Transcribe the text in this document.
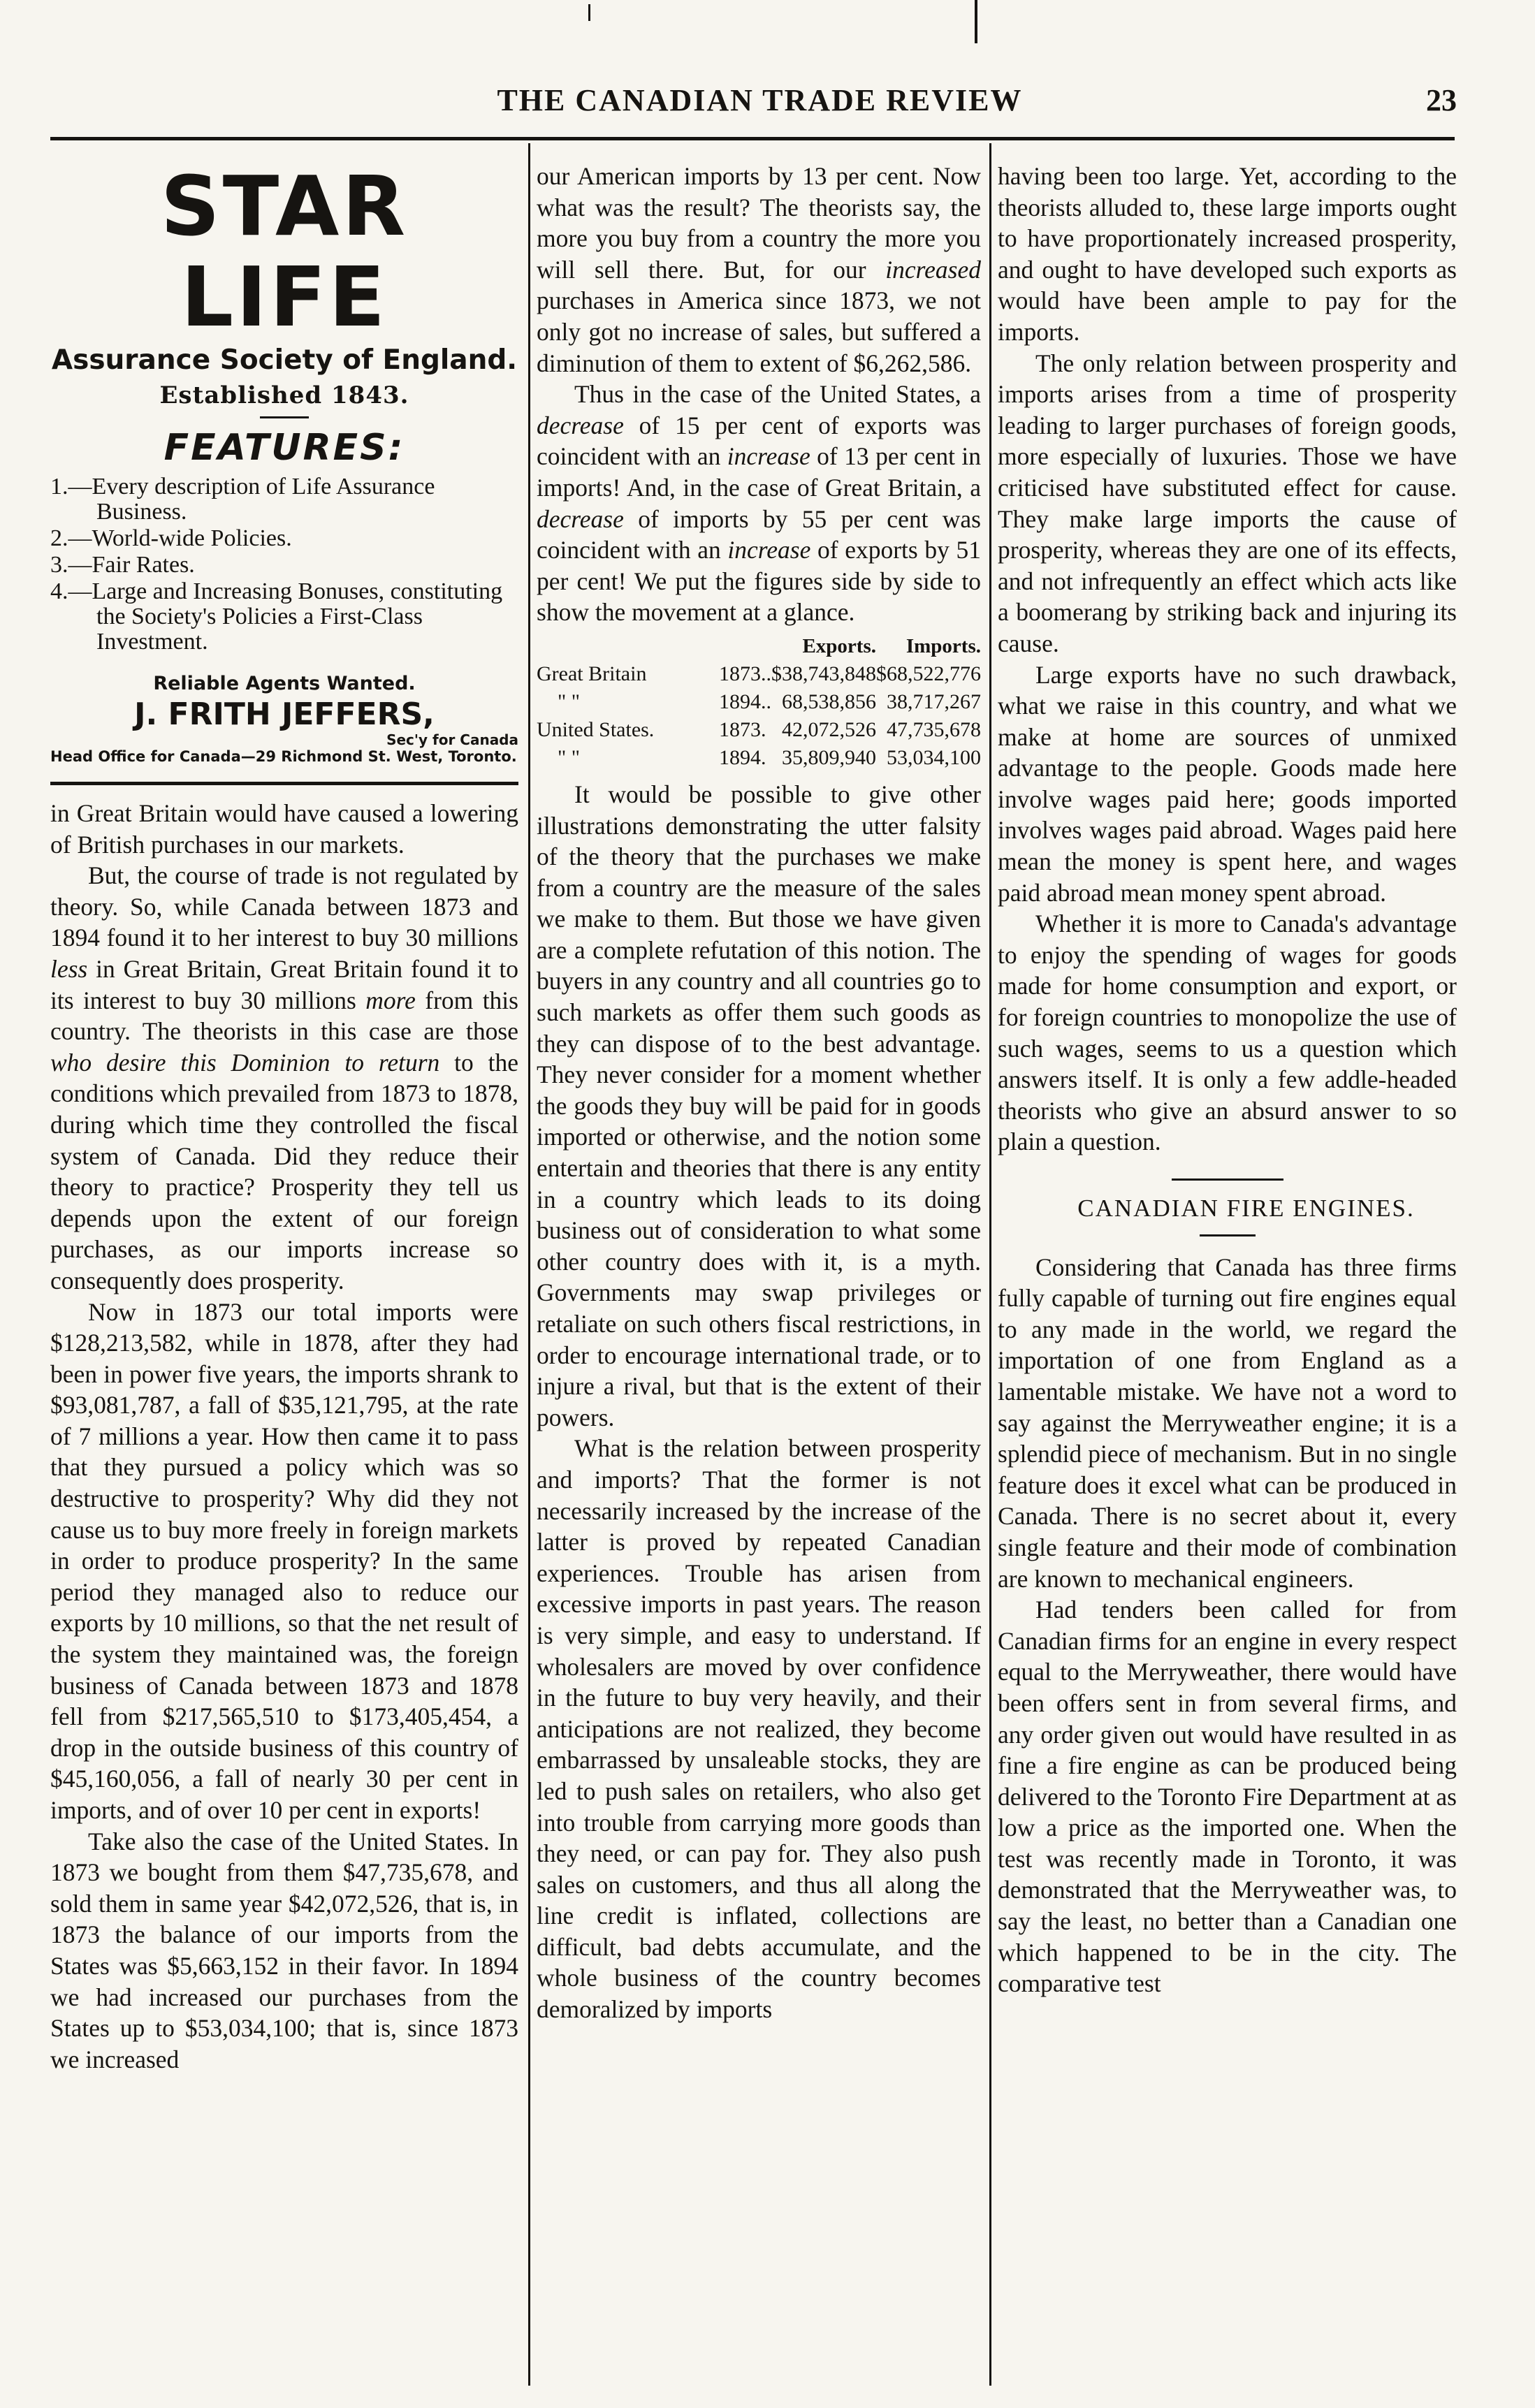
THE CANADIAN TRADE REVIEW	23
STAR LIFE
Assurance Society of England.
Established 1843.
FEATURES:
1.—Every description of Life Assurance Business.
2.—World-wide Policies.
3.—Fair Rates.
4.—Large and Increasing Bonuses, constituting the Society's Policies a First-Class Investment.
Reliable Agents Wanted.
J. FRITH JEFFERS,
Sec'y for Canada
Head Office for Canada—29 Richmond St. West, Toronto.

in Great Britain would have caused a lowering of British purchases in our markets.

But, the course of trade is not regulated by theory. So, while Canada between 1873 and 1894 found it to her interest to buy 30 millions less in Great Britain, Great Britain found it to its interest to buy 30 millions more from this country. The theorists in this case are those who desire this Dominion to return to the conditions which prevailed from 1873 to 1878, during which time they controlled the fiscal system of Canada. Did they reduce their theory to practice? Prosperity they tell us depends upon the extent of our foreign purchases, as our imports increase so consequently does prosperity.

Now in 1873 our total imports were $128,213,582, while in 1878, after they had been in power five years, the imports shrank to $93,081,787, a fall of $35,121,795, at the rate of 7 millions a year. How then came it to pass that they pursued a policy which was so destructive to prosperity? Why did they not cause us to buy more freely in foreign markets in order to produce prosperity? In the same period they managed also to reduce our exports by 10 millions, so that the net result of the system they maintained was, the foreign business of Canada between 1873 and 1878 fell from $217,565,510 to $173,405,454, a drop in the outside business of this country of $45,160,056, a fall of nearly 30 per cent in imports, and of over 10 per cent in exports!

Take also the case of the United States. In 1873 we bought from them $47,735,678, and sold them in same year $42,072,526, that is, in 1873 the balance of our imports from the States was $5,663,152 in their favor. In 1894 we had increased our purchases from the States up to $53,034,100; that is, since 1873 we increased

our American imports by 13 per cent. Now what was the result? The theorists say, the more you buy from a country the more you will sell there. But, for our increased purchases in America since 1873, we not only got no increase of sales, but suffered a diminution of them to extent of $6,262,586.

Thus in the case of the United States, a decrease of 15 per cent of exports was coincident with an increase of 13 per cent in imports! And, in the case of Great Britain, a decrease of imports by 55 per cent was coincident with an increase of exports by 51 per cent! We put the figures side by side to show the movement at a glance.

		Exports.	Imports.
Great Britain	1873..	$38,743,848	$68,522,776
" "	1894..	68,538,856	38,717,267
United States.	1873.	42,072,526	47,735,678
" "	1894.	35,809,940	53,034,100

It would be possible to give other illustrations demonstrating the utter falsity of the theory that the purchases we make from a country are the measure of the sales we make to them. But those we have given are a complete refutation of this notion. The buyers in any country and all countries go to such markets as offer them such goods as they can dispose of to the best advantage. They never consider for a moment whether the goods they buy will be paid for in goods imported or otherwise, and the notion some entertain and theories that there is any entity in a country which leads to its doing business out of consideration to what some other country does with it, is a myth. Governments may swap privileges or retaliate on such others fiscal restrictions, in order to encourage international trade, or to injure a rival, but that is the extent of their powers.

What is the relation between prosperity and imports? That the former is not necessarily increased by the increase of the latter is proved by repeated Canadian experiences. Trouble has arisen from excessive imports in past years. The reason is very simple, and easy to understand. If wholesalers are moved by over confidence in the future to buy very heavily, and their anticipations are not realized, they become embarrassed by unsaleable stocks, they are led to push sales on retailers, who also get into trouble from carrying more goods than they need, or can pay for. They also push sales on customers, and thus all along the line credit is inflated, collections are difficult, bad debts accumulate, and the whole business of the country becomes demoralized by imports

having been too large. Yet, according to the theorists alluded to, these large imports ought to have proportionately increased prosperity, and ought to have developed such exports as would have been ample to pay for the imports.

The only relation between prosperity and imports arises from a time of prosperity leading to larger purchases of foreign goods, more especially of luxuries. Those we have criticised have substituted effect for cause. They make large imports the cause of prosperity, whereas they are one of its effects, and not infrequently an effect which acts like a boomerang by striking back and injuring its cause.

Large exports have no such drawback, what we raise in this country, and what we make at home are sources of unmixed advantage to the people. Goods made here involve wages paid here; goods imported involves wages paid abroad. Wages paid here mean the money is spent here, and wages paid abroad mean money spent abroad.

Whether it is more to Canada's advantage to enjoy the spending of wages for goods made for home consumption and export, or for foreign countries to monopolize the use of such wages, seems to us a question which answers itself. It is only a few addle-headed theorists who give an absurd answer to so plain a question.

CANADIAN FIRE ENGINES.

Considering that Canada has three firms fully capable of turning out fire engines equal to any made in the world, we regard the importation of one from England as a lamentable mistake. We have not a word to say against the Merryweather engine; it is a splendid piece of mechanism. But in no single feature does it excel what can be produced in Canada. There is no secret about it, every single feature and their mode of combination are known to mechanical engineers.

Had tenders been called for from Canadian firms for an engine in every respect equal to the Merryweather, there would have been offers sent in from several firms, and any order given out would have resulted in as fine a fire engine as can be produced being delivered to the Toronto Fire Department at as low a price as the imported one. When the test was recently made in Toronto, it was demonstrated that the Merryweather was, to say the least, no better than a Canadian one which happened to be in the city. The comparative test
